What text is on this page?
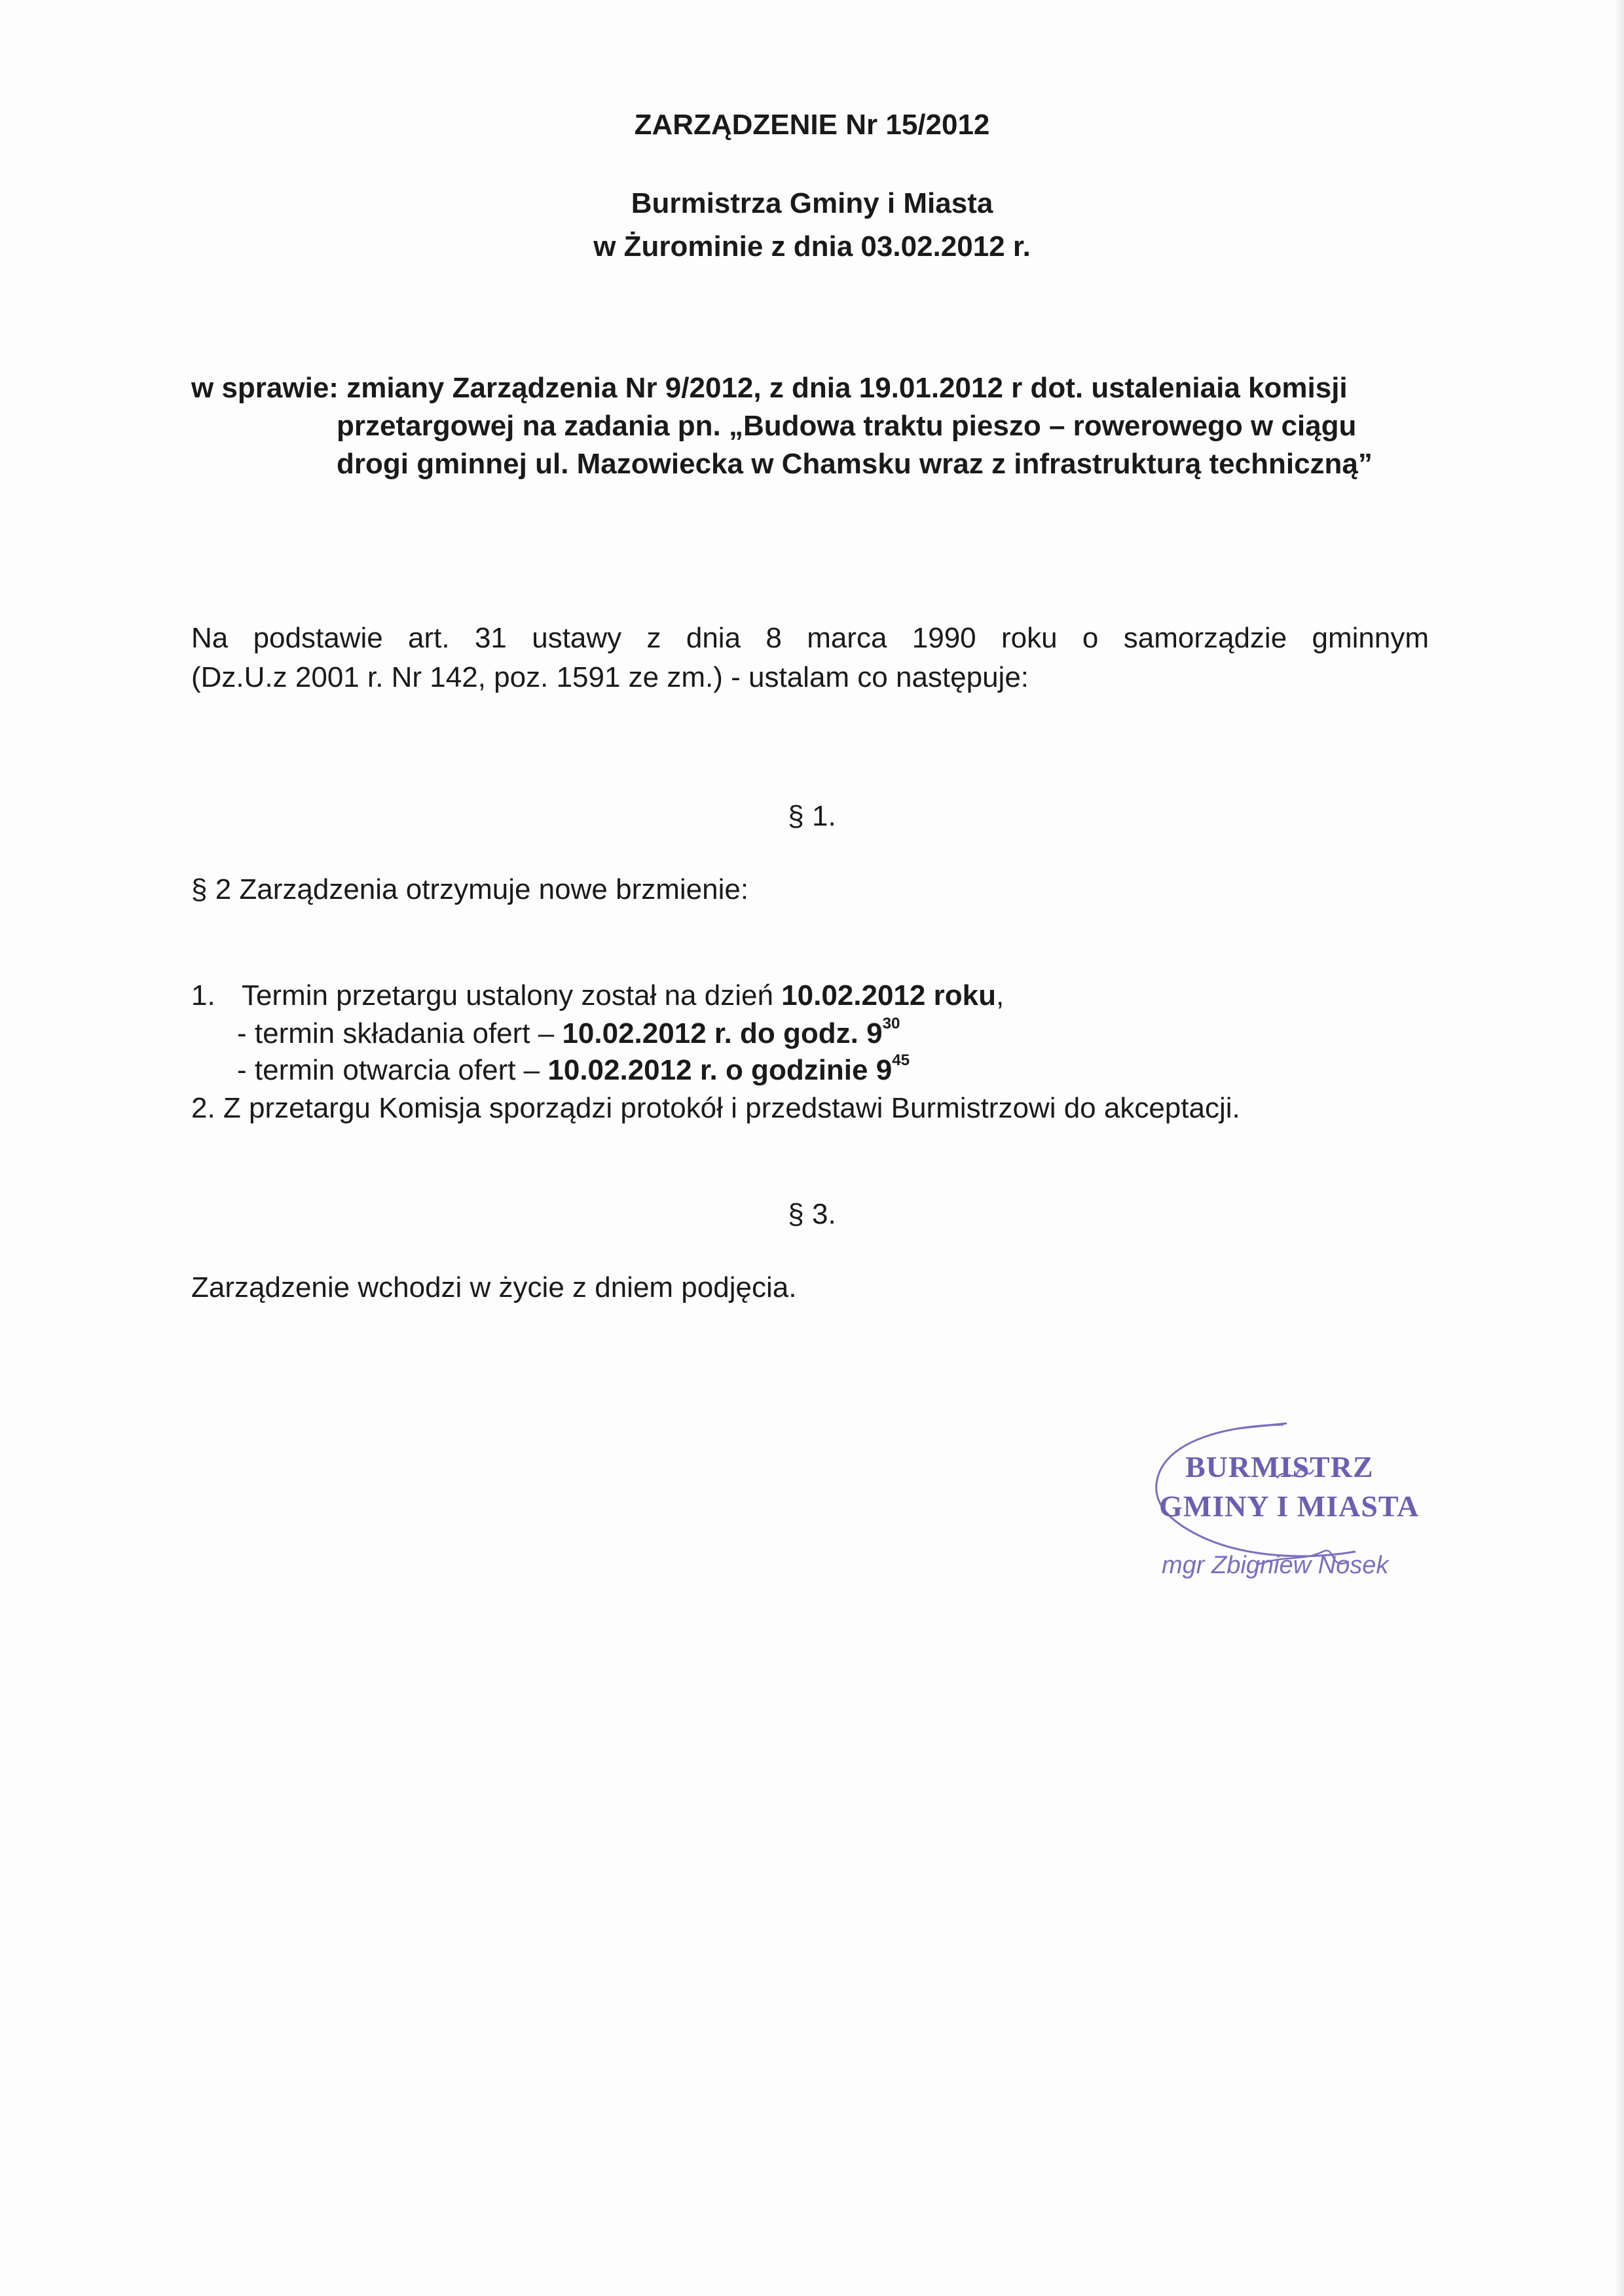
ZARZĄDZENIE Nr 15/2012
Burmistrza Gminy i Miasta
w Żurominie z dnia 03.02.2012 r.
w sprawie: zmiany Zarządzenia Nr 9/2012, z dnia 19.01.2012 r dot. ustaleniaia komisji
przetargowej na zadania pn. „Budowa traktu pieszo – rowerowego w ciągu
drogi gminnej ul. Mazowiecka w Chamsku wraz z infrastrukturą techniczną”
Na podstawie art. 31 ustawy z dnia 8 marca 1990 roku o samorządzie gminnym
(Dz.U.z 2001 r. Nr 142, poz. 1591 ze zm.) - ustalam co następuje:
§ 1.
§ 2 Zarządzenia otrzymuje nowe brzmienie:
1. Termin przetargu ustalony został na dzień 10.02.2012 roku,
- termin składania ofert – 10.02.2012 r. do godz. $9^{30}$
- termin otwarcia ofert – 10.02.2012 r. o godzinie $9^{45}$
2. Z przetargu Komisja sporządzi protokół i przedstawi Burmistrzowi do akceptacji.
§ 3.
Zarządzenie wchodzi w życie z dniem podjęcia.
BURMISTRZ
GMINY I MIASTA
mgr Zbigniew Nosek
